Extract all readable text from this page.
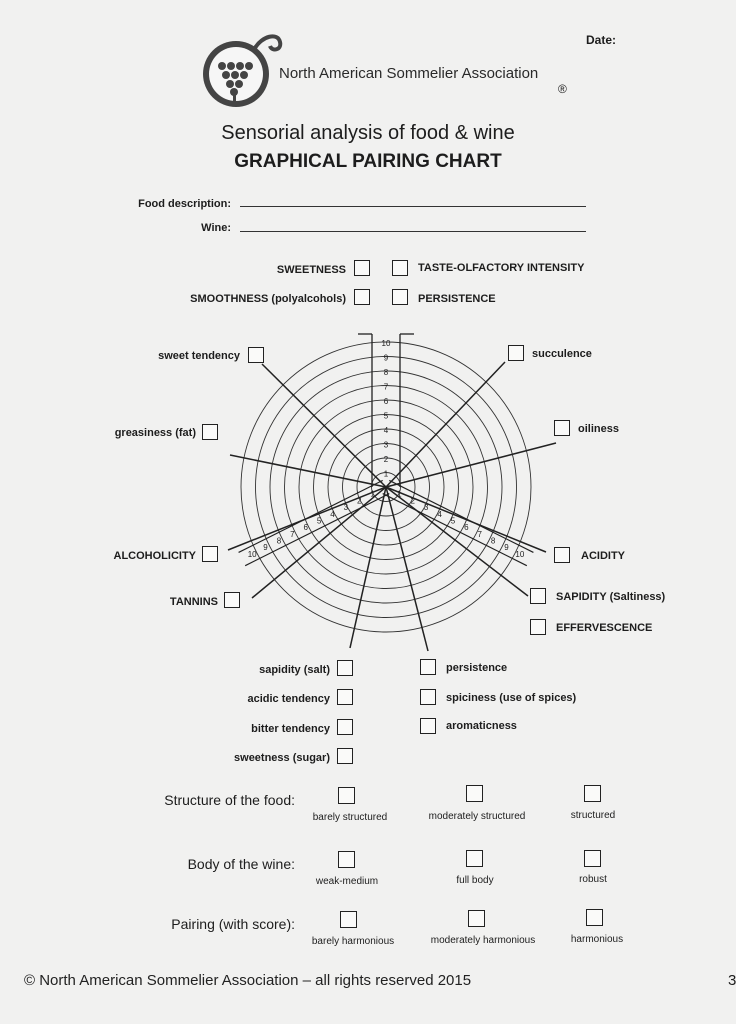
Date:
North American Sommelier Association
®
Sensorial analysis of food & wine
GRAPHICAL PAIRING CHART
Food description:
Wine:
SWEETNESS	TASTE-OLFACTORY INTENSITY
SMOOTHNESS (polyalcohols)	PERSISTENCE
1
2
3
4
5
6
7
8
9
10
1
2
3
4
5
6
7
8
9
10
1
2
3
4
5
6
7
8
9
10
sweet tendency
greasiness (fat)
ALCOHOLICITY
TANNINS
succulence
oiliness
ACIDITY
SAPIDITY (Saltiness)
EFFERVESCENCE
sapidity (salt)
acidic tendency
bitter tendency
sweetness (sugar)
persistence
spiciness (use of spices)
aromaticness
Structure of the food:
barely structured	moderately structured	structured
Body of the wine:
weak-medium	full body	robust
Pairing (with score):
barely harmonious	moderately harmonious	harmonious
© North American Sommelier Association – all rights reserved 2015	3
